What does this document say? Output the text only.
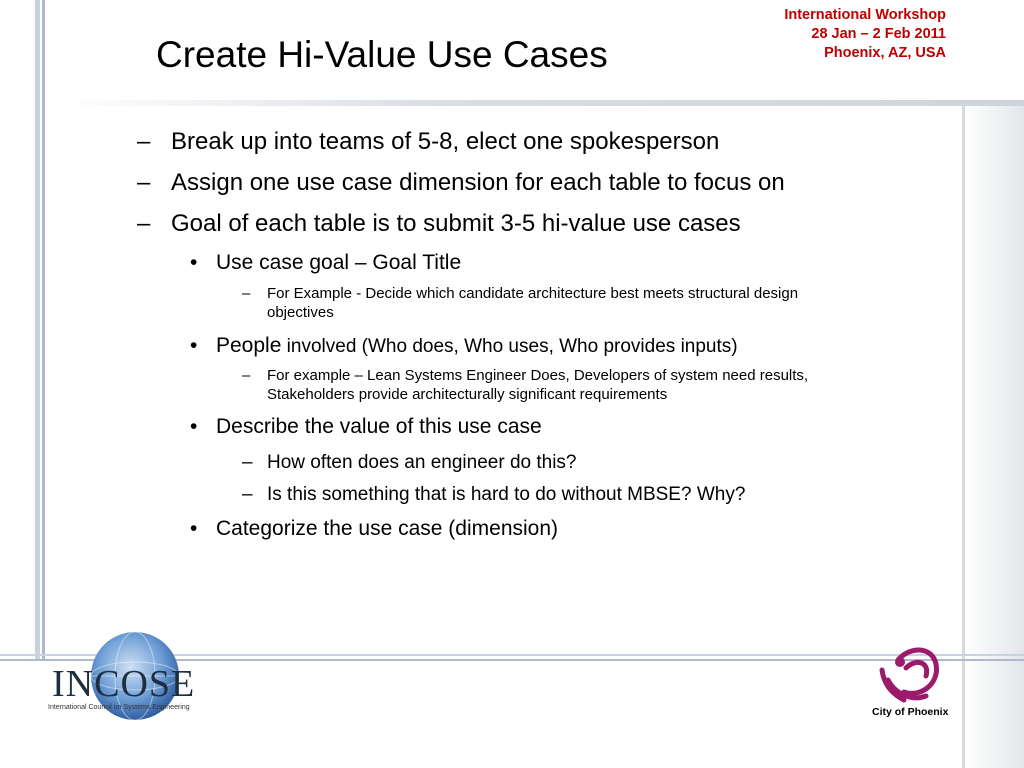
Create Hi-Value Use Cases
International Workshop
28 Jan – 2 Feb 2011
Phoenix, AZ, USA
– Break up into teams of 5-8, elect one spokesperson
– Assign one use case dimension for each table to focus on
– Goal of each table is to submit 3-5 hi-value use cases
• Use case goal – Goal Title
–	For Example - Decide which candidate architecture best meets structural design objectives
• People involved (Who does, Who uses, Who provides inputs)
–	For example – Lean Systems Engineer Does, Developers of system need results, Stakeholders provide architecturally significant requirements
• Describe the value of this use case
– How often does an engineer do this?
– Is this something that is hard to do without MBSE? Why?
• Categorize the use case (dimension)
INCOSE
International Council on Systems Engineering	City of Phoenix
